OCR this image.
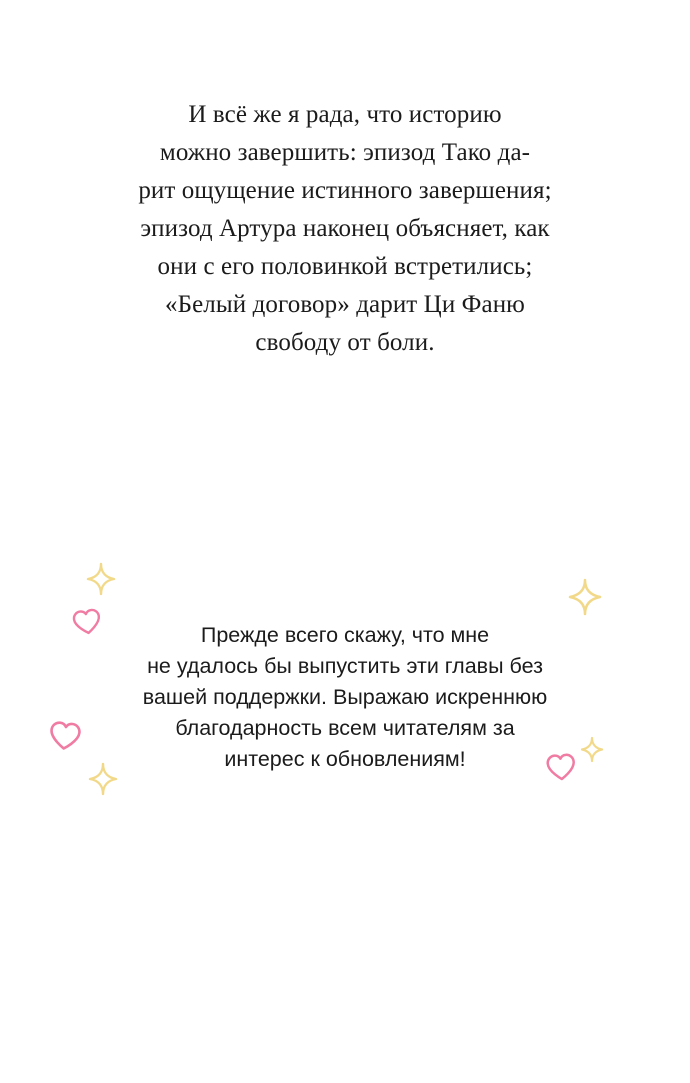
И всё же я рада, что историю
можно завершить: эпизод Тако да-
рит ощущение истинного завершения;
эпизод Артура наконец объясняет, как
они с его половинкой встретились;
«Белый договор» дарит Ци Фаню
свободу от боли.
Прежде всего скажу, что мне
не удалось бы выпустить эти главы без
вашей поддержки. Выражаю искреннюю
благодарность всем читателям за
интерес к обновлениям!
